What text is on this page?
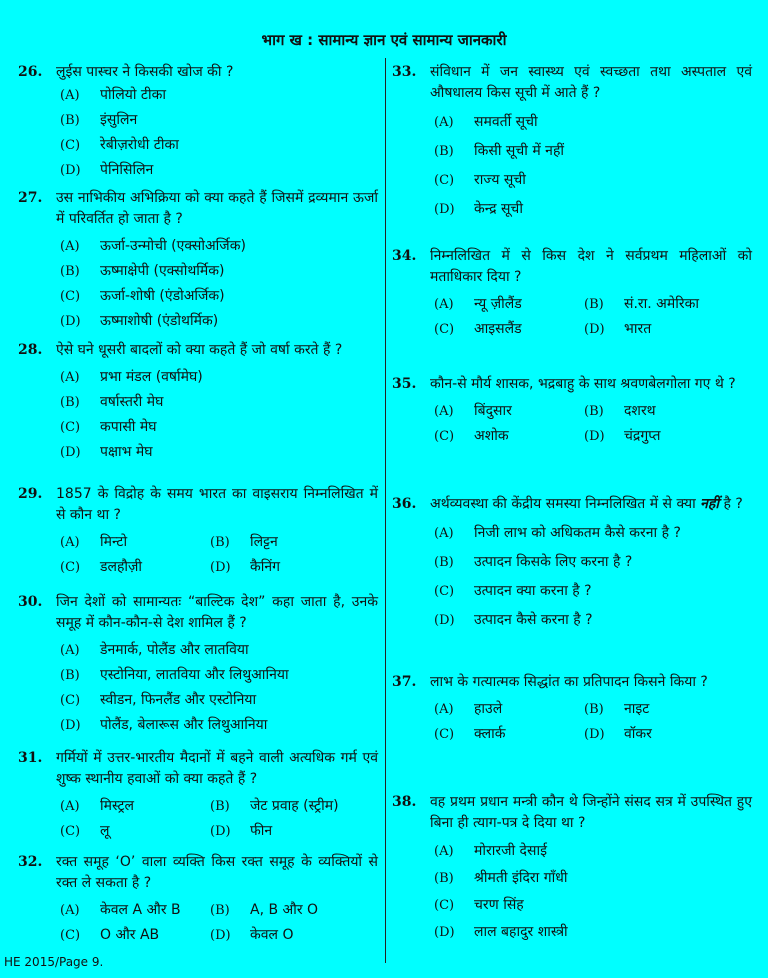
भाग ख : सामान्य ज्ञान एवं सामान्य जानकारी
26. लुईस पास्चर ने किसकी खोज की ?
(A) पोलियो टीका
(B) इंसुलिन
(C) रेबीज़रोधी टीका
(D) पेनिसिलिन
27. उस नाभिकीय अभिक्रिया को क्या कहते हैं जिसमें द्रव्यमान ऊर्जा में परिवर्तित हो जाता है ?
(A) ऊर्जा-उन्मोची (एक्सोअर्जिक)
(B) ऊष्माक्षेपी (एक्सोथर्मिक)
(C) ऊर्जा-शोषी (एंडोअर्जिक)
(D) ऊष्माशोषी (एंडोथर्मिक)
28. ऐसे घने धूसरी बादलों को क्या कहते हैं जो वर्षा करते हैं ?
(A) प्रभा मंडल (वर्षामेघ)
(B) वर्षास्तरी मेघ
(C) कपासी मेघ
(D) पक्षाभ मेघ
29. 1857 के विद्रोह के समय भारत का वाइसराय निम्नलिखित में से कौन था ?
(A) मिन्टो	(B) लिट्टन
(C) डलहौज़ी	(D) कैनिंग
30. जिन देशों को सामान्यतः “बाल्टिक देश” कहा जाता है, उनके समूह में कौन-कौन-से देश शामिल हैं ?
(A) डेनमार्क, पोलैंड और लातविया
(B) एस्टोनिया, लातविया और लिथुआनिया
(C) स्वीडन, फिनलैंड और एस्टोनिया
(D) पोलैंड, बेलारूस और लिथुआनिया
31. गर्मियों में उत्तर-भारतीय मैदानों में बहने वाली अत्यधिक गर्म एवं शुष्क स्थानीय हवाओं को क्या कहते हैं ?
(A) मिस्ट्रल	(B) जेट प्रवाह (स्ट्रीम)
(C) लू	(D) फीन
32. रक्त समूह ‘O’ वाला व्यक्ति किस रक्त समूह के व्यक्तियों से रक्त ले सकता है ?
(A) केवल A और B	(B) A, B और O
(C) O और AB	(D) केवल O
33. संविधान में जन स्वास्थ्य एवं स्वच्छता तथा अस्पताल एवं औषधालय किस सूची में आते हैं ?
(A) समवर्ती सूची
(B) किसी सूची में नहीं
(C) राज्य सूची
(D) केन्द्र सूची
34. निम्नलिखित में से किस देश ने सर्वप्रथम महिलाओं को मताधिकार दिया ?
(A) न्यू ज़ीलैंड	(B) सं.रा. अमेरिका
(C) आइसलैंड	(D) भारत
35. कौन-से मौर्य शासक, भद्रबाहु के साथ श्रवणबेलगोला गए थे ?
(A) बिंदुसार	(B) दशरथ
(C) अशोक	(D) चंद्रगुप्त
36. अर्थव्यवस्था की केंद्रीय समस्या निम्नलिखित में से क्या नहीं है ?
(A) निजी लाभ को अधिकतम कैसे करना है ?
(B) उत्पादन किसके लिए करना है ?
(C) उत्पादन क्या करना है ?
(D) उत्पादन कैसे करना है ?
37. लाभ के गत्यात्मक सिद्धांत का प्रतिपादन किसने किया ?
(A) हाउले	(B) नाइट
(C) क्लार्क	(D) वॉकर
38. वह प्रथम प्रधान मन्त्री कौन थे जिन्होंने संसद सत्र में उपस्थित हुए बिना ही त्याग-पत्र दे दिया था ?
(A) मोरारजी देसाई
(B) श्रीमती इंदिरा गाँधी
(C) चरण सिंह
(D) लाल बहादुर शास्त्री
HE 2015/Page 9.
